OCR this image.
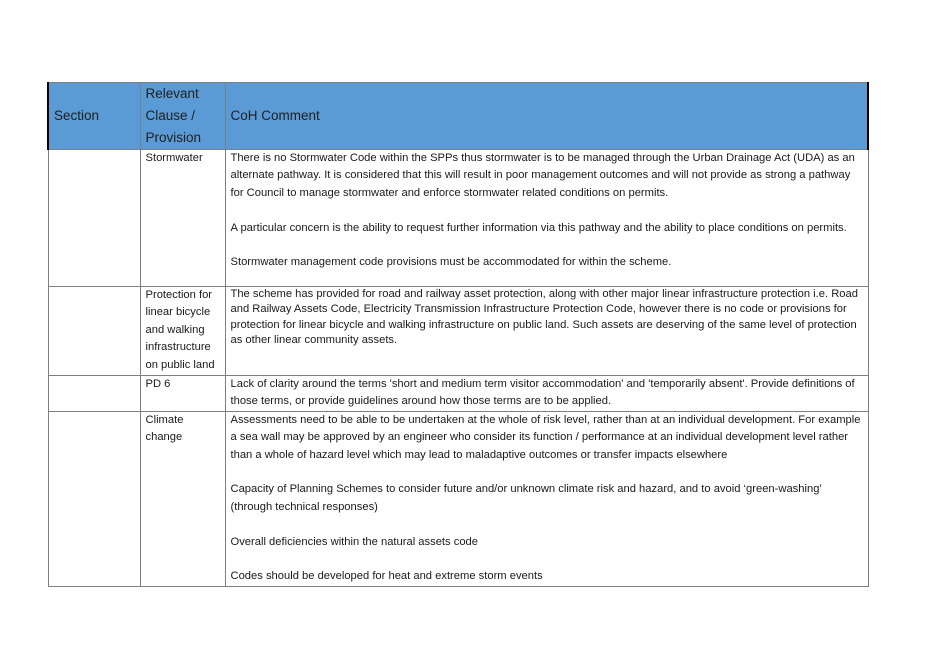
Section	Relevant Clause / Provision	CoH Comment
	Stormwater	There is no Stormwater Code within the SPPs thus stormwater is to be managed through the Urban Drainage Act (UDA) as an alternate pathway. It is considered that this will result in poor management outcomes and will not provide as strong a pathway for Council to manage stormwater and enforce stormwater related conditions on permits.

A particular concern is the ability to request further information via this pathway and the ability to place conditions on permits.

Stormwater management code provisions must be accommodated for within the scheme.

	Protection for linear bicycle and walking infrastructure on public land	The scheme has provided for road and railway asset protection, along with other major linear infrastructure protection i.e. Road and Railway Assets Code, Electricity Transmission Infrastructure Protection Code, however there is no code or provisions for protection for linear bicycle and walking infrastructure on public land. Such assets are deserving of the same level of protection as other linear community assets.

	PD 6	Lack of clarity around the terms 'short and medium term visitor accommodation' and 'temporarily absent'. Provide definitions of those terms, or provide guidelines around how those terms are to be applied.

	Climate change	Assessments need to be able to be undertaken at the whole of risk level, rather than at an individual development. For example a sea wall may be approved by an engineer who consider its function / performance at an individual development level rather than a whole of hazard level which may lead to maladaptive outcomes or transfer impacts elsewhere

Capacity of Planning Schemes to consider future and/or unknown climate risk and hazard, and to avoid ‘green-washing’ (through technical responses)

Overall deficiencies within the natural assets code

Codes should be developed for heat and extreme storm events
